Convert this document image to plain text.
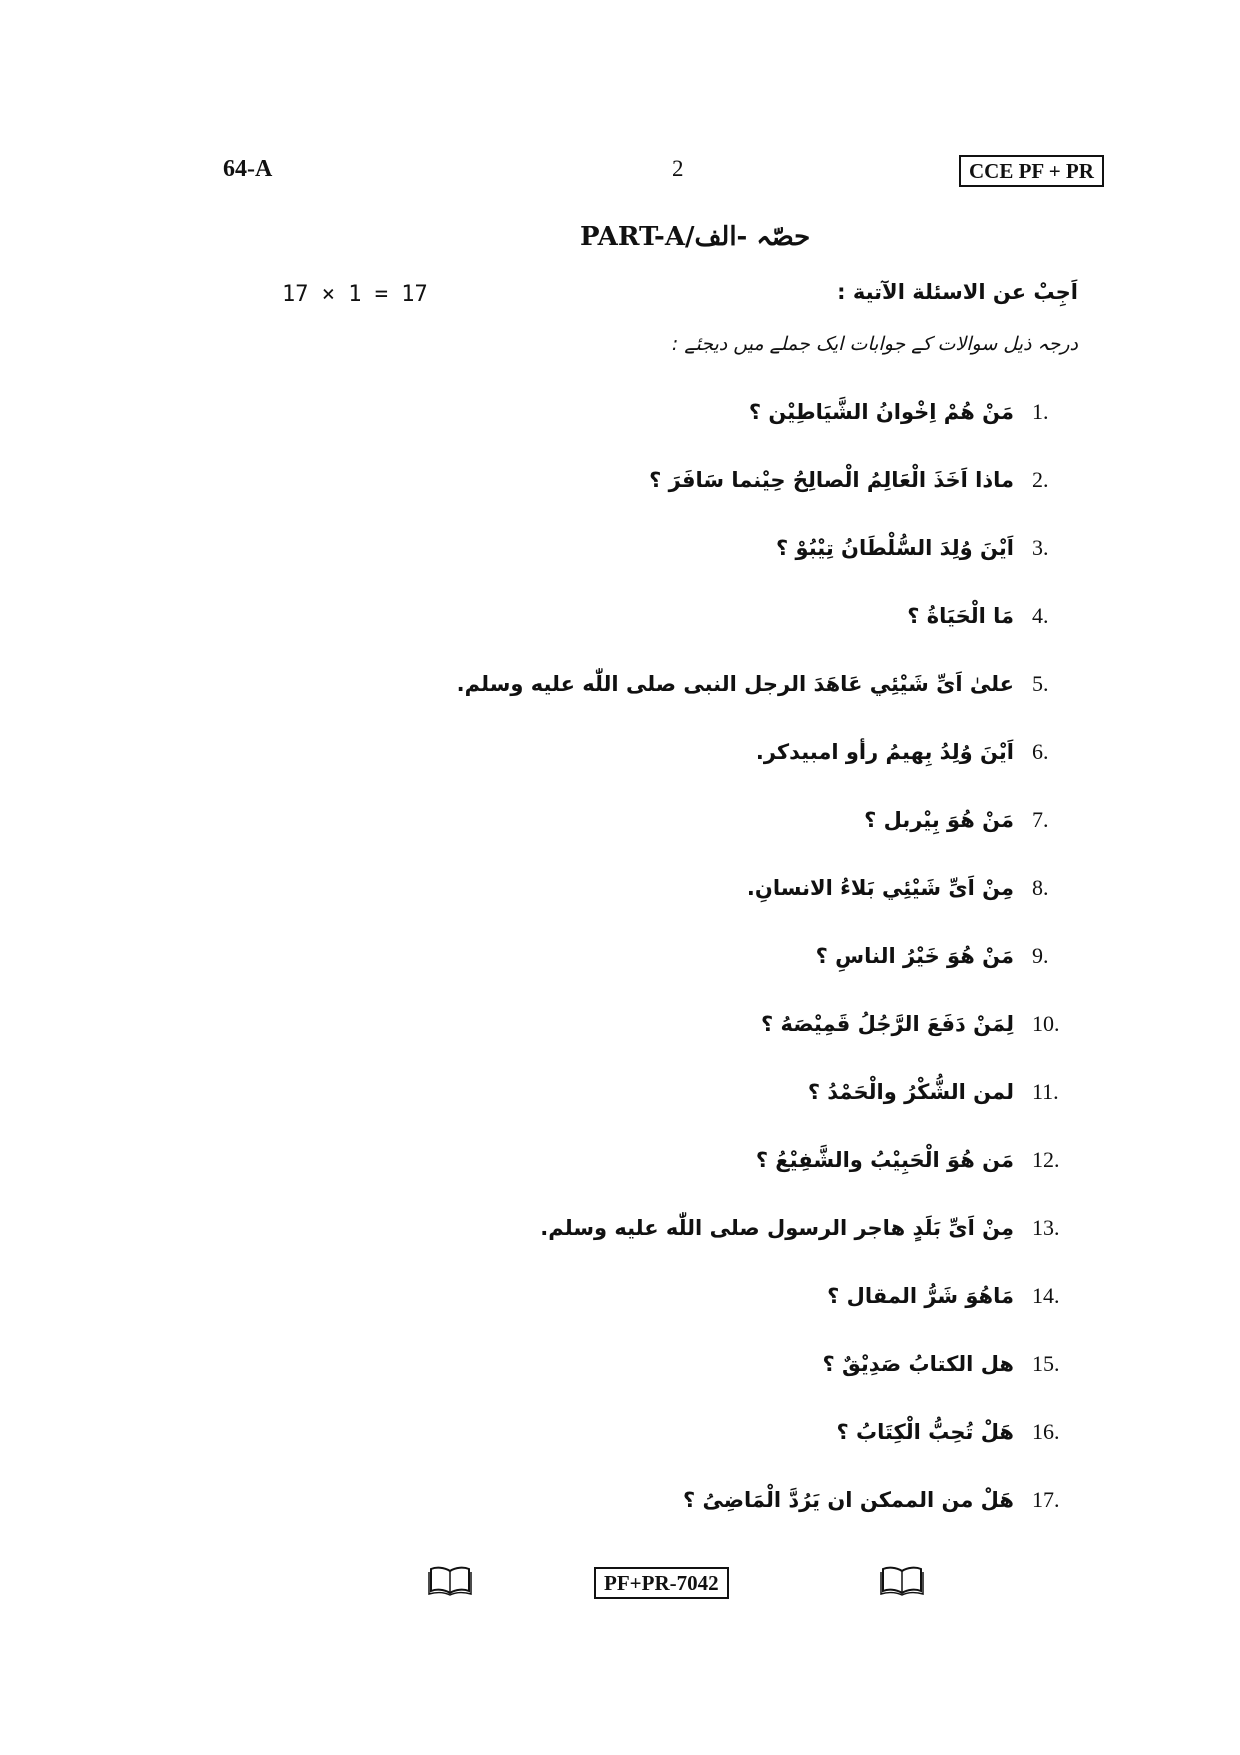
64-A	2	CCE PF + PR
PART-A/حصّہ -الف
17 × 1 = 17	اَجِبْ عن الاسئلة الآتية :
درجہ ذیل سوالات کے جوابات ایک جملے میں دیجئے :
1.
مَنْ هُمْ اِخْوانُ الشَّيَاطِيْن ؟
2.
ماذا اَخَذَ الْعَالِمُ الْصالِحُ حِيْنما سَافَرَ ؟
3.
اَيْنَ وُلِدَ السُّلْطَانُ تِيْبُوْ ؟
4.
مَا الْحَيَاةُ ؟
5.
علىٰ اَىِّ شَيْئِي عَاهَدَ الرجل النبى صلى اللّٰه عليه وسلم.
6.
اَيْنَ وُلِدُ بِهيمُ رأو امبيدكر.
7.
مَنْ هُوَ بِيْربل ؟
8.
مِنْ اَىِّ شَيْئِي بَلاءُ الانسانِ.
9.
مَنْ هُوَ خَيْرُ الناسِ ؟
10.
لِمَنْ دَفَعَ الرَّجُلُ قَمِيْصَهُ ؟
11.
لمن الشُّكْرُ والْحَمْدُ ؟
12.
مَن هُوَ الْحَبِيْبُ والشَّفِيْعُ ؟
13.
مِنْ اَىِّ بَلَدٍ هاجر الرسول صلى اللّٰه عليه وسلم.
14.
مَاهُوَ شَرُّ المقال ؟
15.
هل الكتابُ صَدِيْقٌ ؟
16.
هَلْ تُحِبُّ الْكِتَابُ ؟
17.
هَلْ من الممكن ان يَرُدَّ الْمَاضِىُ ؟
PF+PR-7042
